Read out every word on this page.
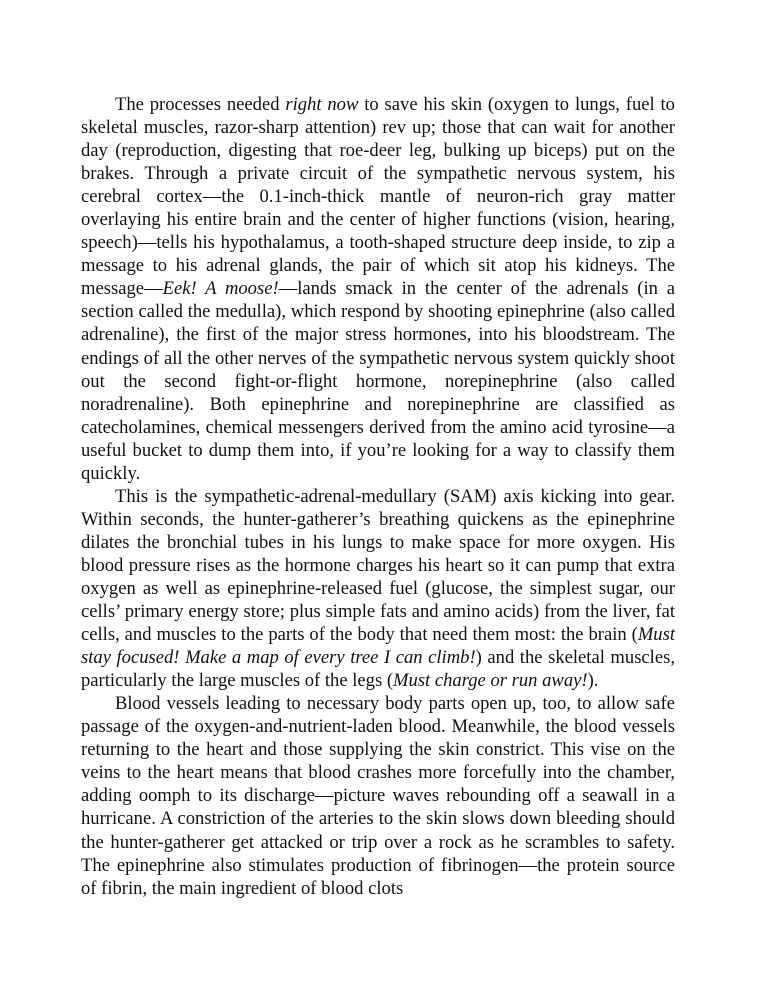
The processes needed right now to save his skin (oxygen to lungs, fuel to skeletal muscles, razor-sharp attention) rev up; those that can wait for another day (reproduction, digesting that roe-deer leg, bulking up biceps) put on the brakes. Through a private circuit of the sympathetic nervous system, his cerebral cortex—the 0.1-inch-thick mantle of neuron-rich gray matter overlaying his entire brain and the center of higher functions (vision, hearing, speech)—tells his hypothalamus, a tooth-shaped structure deep inside, to zip a message to his adrenal glands, the pair of which sit atop his kidneys. The message—Eek! A moose!—lands smack in the center of the adrenals (in a section called the medulla), which respond by shooting epinephrine (also called adrenaline), the first of the major stress hormones, into his bloodstream. The endings of all the other nerves of the sympathetic nervous system quickly shoot out the second fight-or-flight hormone, norepinephrine (also called noradrenaline). Both epinephrine and norepinephrine are classified as catecholamines, chemical messengers derived from the amino acid tyrosine—a useful bucket to dump them into, if you’re looking for a way to classify them quickly.

This is the sympathetic-adrenal-medullary (SAM) axis kicking into gear. Within seconds, the hunter-gatherer’s breathing quickens as the epinephrine dilates the bronchial tubes in his lungs to make space for more oxygen. His blood pressure rises as the hormone charges his heart so it can pump that extra oxygen as well as epinephrine-released fuel (glucose, the simplest sugar, our cells’ primary energy store; plus simple fats and amino acids) from the liver, fat cells, and muscles to the parts of the body that need them most: the brain (Must stay focused! Make a map of every tree I can climb!) and the skeletal muscles, particularly the large muscles of the legs (Must charge or run away!).

Blood vessels leading to necessary body parts open up, too, to allow safe passage of the oxygen-and-nutrient-laden blood. Meanwhile, the blood vessels returning to the heart and those supplying the skin constrict. This vise on the veins to the heart means that blood crashes more forcefully into the chamber, adding oomph to its discharge—picture waves rebounding off a seawall in a hurricane. A constriction of the arteries to the skin slows down bleeding should the hunter-gatherer get attacked or trip over a rock as he scrambles to safety. The epinephrine also stimulates production of fibrinogen—the protein source of fibrin, the main ingredient of blood clots
